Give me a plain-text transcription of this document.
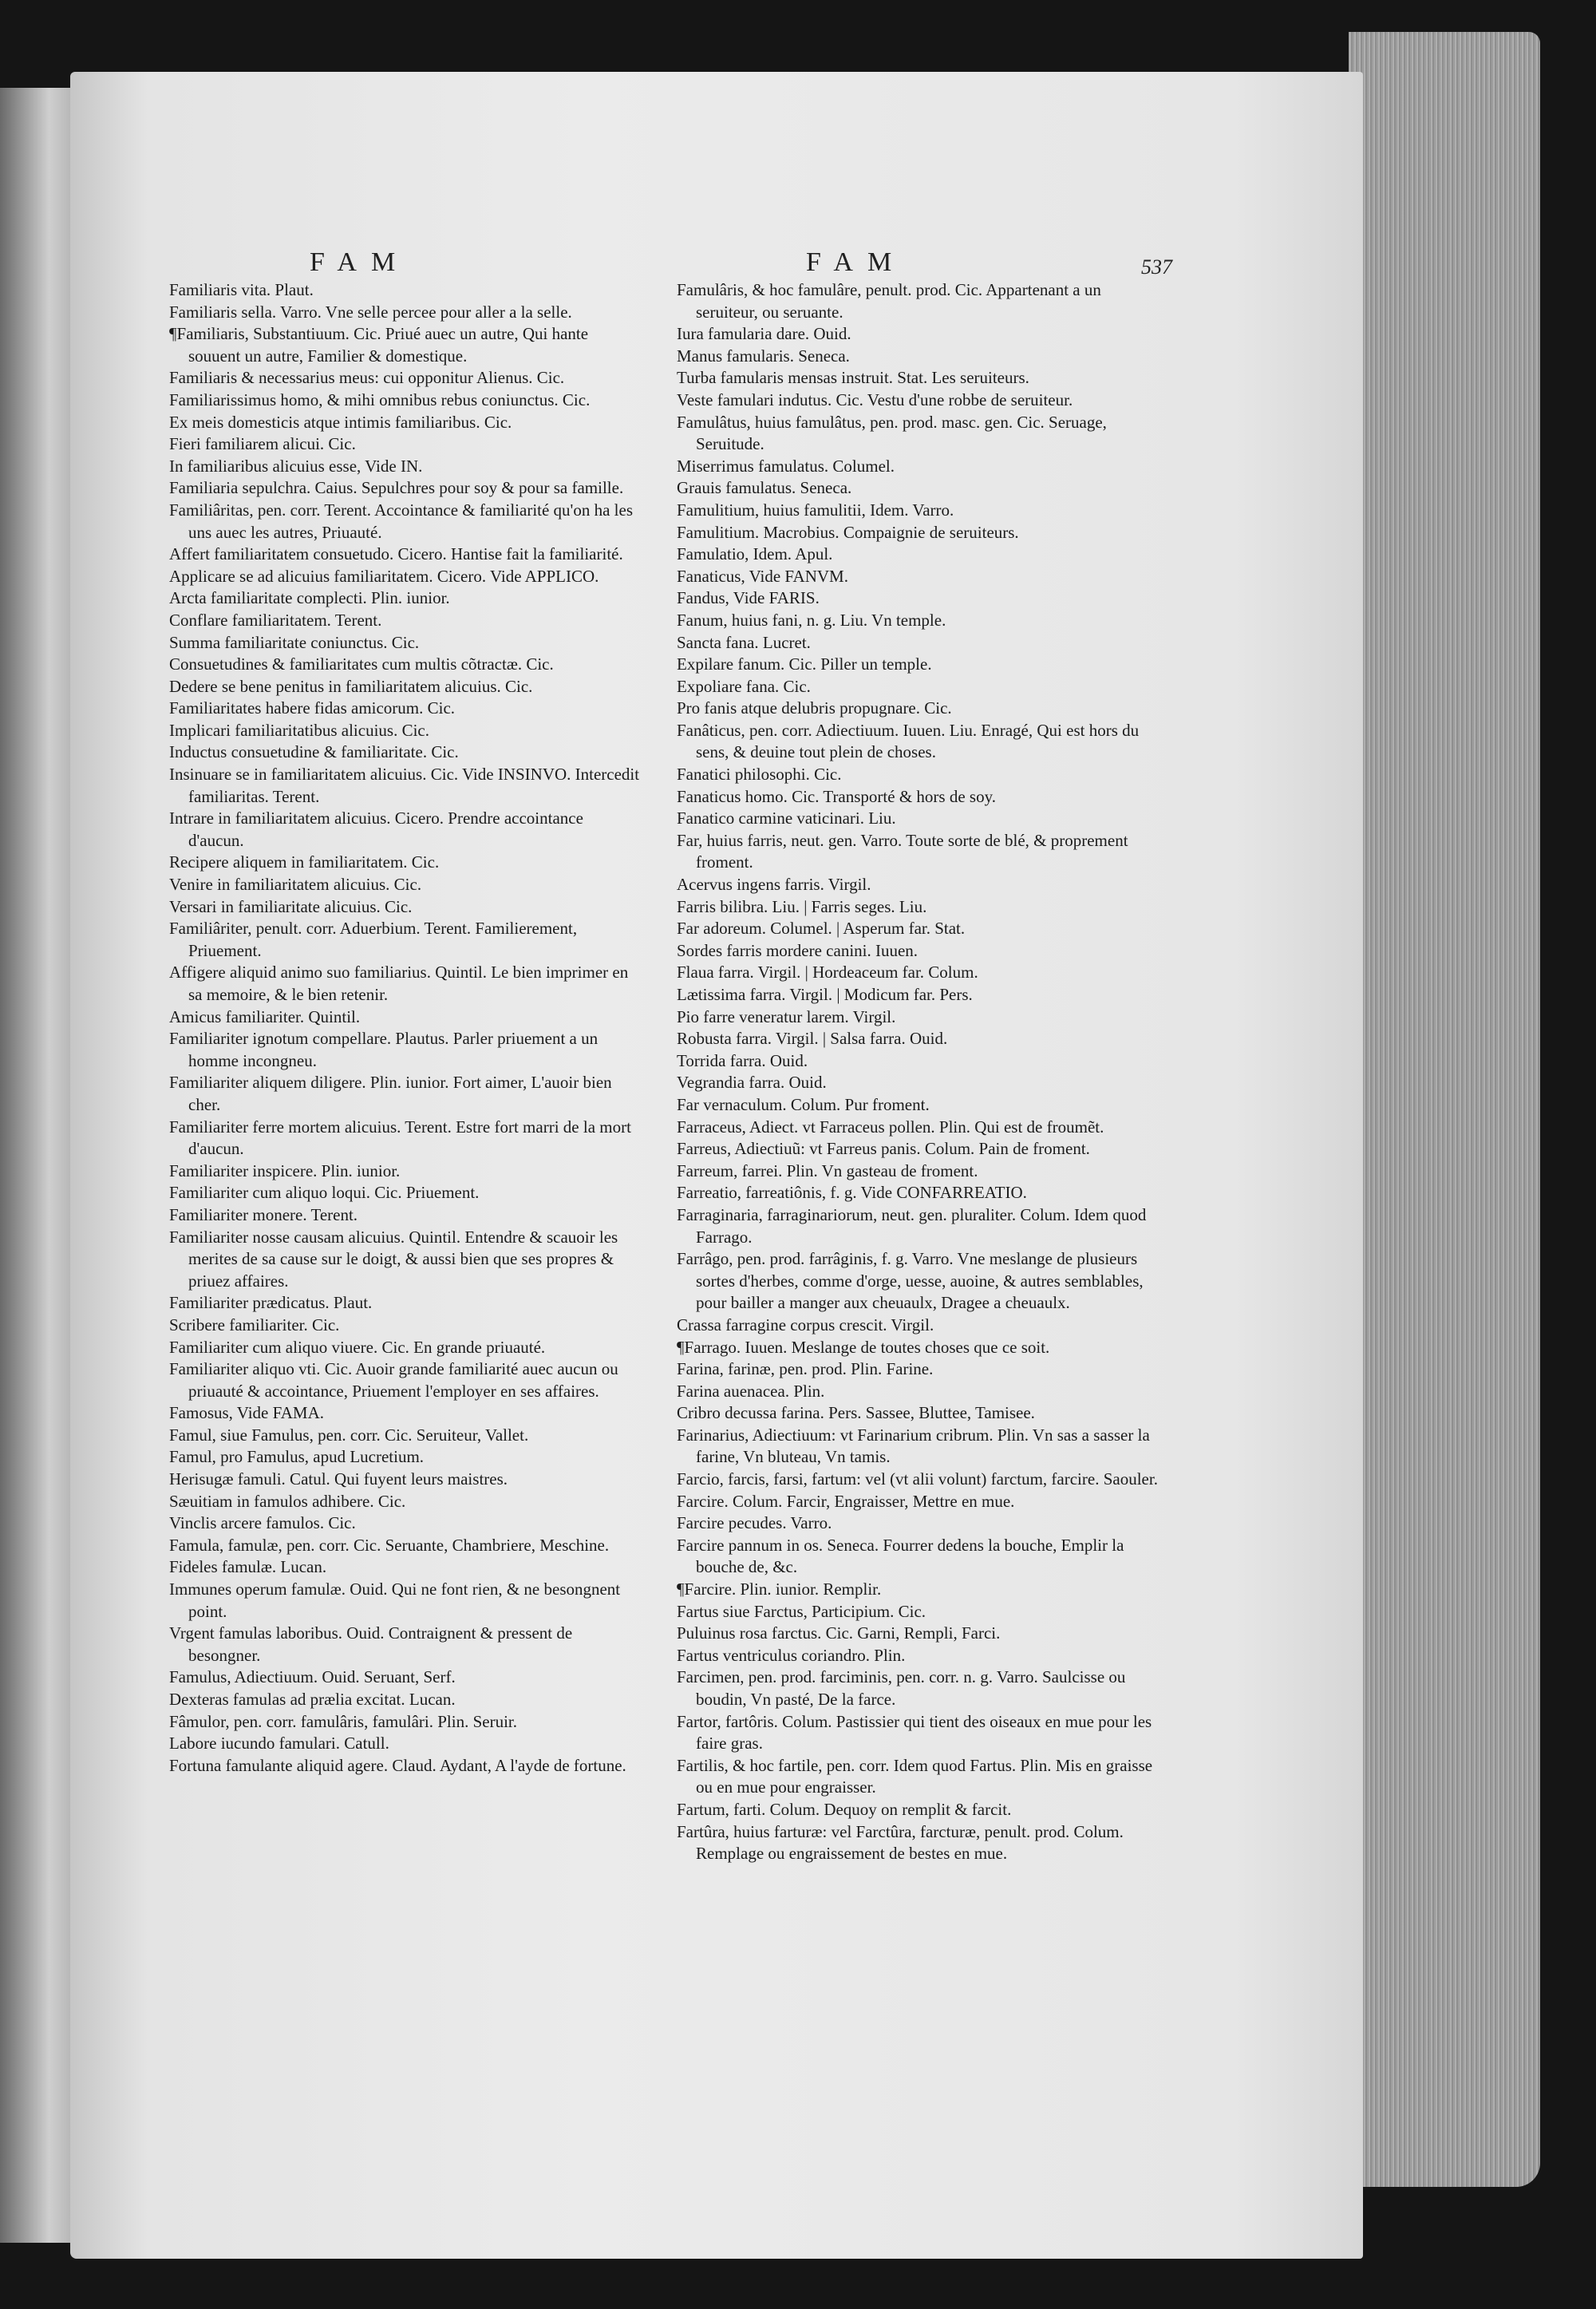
FAM	FAM	537
Familiaris vita. Plaut.
Familiaris sella. Varro. Vne selle percee pour aller a la selle.
¶Familiaris, Substantiuum. Cic. Priué auec un autre, Qui hante souuent un autre, Familier & domestique.
Familiaris & necessarius meus: cui opponitur Alienus. Cic.
Familiarissimus homo, & mihi omnibus rebus coniunctus. Cic.
Ex meis domesticis atque intimis familiaribus. Cic.
Fieri familiarem alicui. Cic.
In familiaribus alicuius esse, Vide IN.
Familiaria sepulchra. Caius. Sepulchres pour soy & pour sa famille.
Familiâritas, pen. corr. Terent. Accointance & familiarité qu'on ha les uns auec les autres, Priuauté.
Affert familiaritatem consuetudo. Cicero. Hantise fait la familiarité.
Applicare se ad alicuius familiaritatem. Cicero. Vide APPLICO.
Arcta familiaritate complecti. Plin. iunior.
Conflare familiaritatem. Terent.
Summa familiaritate coniunctus. Cic.
Consuetudines & familiaritates cum multis cõtractæ. Cic.
Dedere se bene penitus in familiaritatem alicuius. Cic.
Familiaritates habere fidas amicorum. Cic.
Implicari familiaritatibus alicuius. Cic.
Inductus consuetudine & familiaritate. Cic.
Insinuare se in familiaritatem alicuius. Cic. Vide INSINVO. Intercedit familiaritas. Terent.
Intrare in familiaritatem alicuius. Cicero. Prendre accointance d'aucun.
Recipere aliquem in familiaritatem. Cic.
Venire in familiaritatem alicuius. Cic.
Versari in familiaritate alicuius. Cic.
Familiâriter, penult. corr. Aduerbium. Terent. Familierement, Priuement.
Affigere aliquid animo suo familiarius. Quintil. Le bien imprimer en sa memoire, & le bien retenir.
Amicus familiariter. Quintil.
Familiariter ignotum compellare. Plautus. Parler priuement a un homme incongneu.
Familiariter aliquem diligere. Plin. iunior. Fort aimer, L'auoir bien cher.
Familiariter ferre mortem alicuius. Terent. Estre fort marri de la mort d'aucun.
Familiariter inspicere. Plin. iunior.
Familiariter cum aliquo loqui. Cic. Priuement.
Familiariter monere. Terent.
Familiariter nosse causam alicuius. Quintil. Entendre & scauoir les merites de sa cause sur le doigt, & aussi bien que ses propres & priuez affaires.
Familiariter prædicatus. Plaut.
Scribere familiariter. Cic.
Familiariter cum aliquo viuere. Cic. En grande priuauté.
Familiariter aliquo vti. Cic. Auoir grande familiarité auec aucun ou priuauté & accointance, Priuement l'employer en ses affaires.
Famosus, Vide FAMA.
Famul, siue Famulus, pen. corr. Cic. Seruiteur, Vallet.
Famul, pro Famulus, apud Lucretium.
Herisugæ famuli. Catul. Qui fuyent leurs maistres.
Sæuitiam in famulos adhibere. Cic.
Vinclis arcere famulos. Cic.
Famula, famulæ, pen. corr. Cic. Seruante, Chambriere, Meschine.
Fideles famulæ. Lucan.
Immunes operum famulæ. Ouid. Qui ne font rien, & ne besongnent point.
Vrgent famulas laboribus. Ouid. Contraignent & pressent de besongner.
Famulus, Adiectiuum. Ouid. Seruant, Serf.
Dexteras famulas ad prælia excitat. Lucan.
Fâmulor, pen. corr. famulâris, famulâri. Plin. Seruir.
Labore iucundo famulari. Catull.
Fortuna famulante aliquid agere. Claud. Aydant, A l'ayde de fortune.
Famulâris, & hoc famulâre, penult. prod. Cic. Appartenant a un seruiteur, ou seruante.
Iura famularia dare. Ouid.
Manus famularis. Seneca.
Turba famularis mensas instruit. Stat. Les seruiteurs.
Veste famulari indutus. Cic. Vestu d'une robbe de seruiteur.
Famulâtus, huius famulâtus, pen. prod. masc. gen. Cic. Seruage, Seruitude.
Miserrimus famulatus. Columel.
Grauis famulatus. Seneca.
Famulitium, huius famulitii, Idem. Varro.
Famulitium. Macrobius. Compaignie de seruiteurs.
Famulatio, Idem. Apul.
Fanaticus, Vide FANVM.
Fandus, Vide FARIS.
Fanum, huius fani, n. g. Liu. Vn temple.
Sancta fana. Lucret.
Expilare fanum. Cic. Piller un temple.
Expoliare fana. Cic.
Pro fanis atque delubris propugnare. Cic.
Fanâticus, pen. corr. Adiectiuum. Iuuen. Liu. Enragé, Qui est hors du sens, & deuine tout plein de choses.
Fanatici philosophi. Cic.
Fanaticus homo. Cic. Transporté & hors de soy.
Fanatico carmine vaticinari. Liu.
Far, huius farris, neut. gen. Varro. Toute sorte de blé, & proprement froment.
Acervus ingens farris. Virgil.
Farris bilibra. Liu. | Farris seges. Liu.
Far adoreum. Columel. | Asperum far. Stat.
Sordes farris mordere canini. Iuuen.
Flaua farra. Virgil. | Hordeaceum far. Colum.
Lætissima farra. Virgil. | Modicum far. Pers.
Pio farre veneratur larem. Virgil.
Robusta farra. Virgil. | Salsa farra. Ouid.
Torrida farra. Ouid.
Vegrandia farra. Ouid.
Far vernaculum. Colum. Pur froment.
Farraceus, Adiect. vt Farraceus pollen. Plin. Qui est de froumẽt.
Farreus, Adiectiuũ: vt Farreus panis. Colum. Pain de froment.
Farreum, farrei. Plin. Vn gasteau de froment.
Farreatio, farreatiônis, f. g. Vide CONFARREATIO.
Farraginaria, farraginariorum, neut. gen. pluraliter. Colum. Idem quod Farrago.
Farrâgo, pen. prod. farrâginis, f. g. Varro. Vne meslange de plusieurs sortes d'herbes, comme d'orge, uesse, auoine, & autres semblables, pour bailler a manger aux cheuaulx, Dragee a cheuaulx.
Crassa farragine corpus crescit. Virgil.
¶Farrago. Iuuen. Meslange de toutes choses que ce soit.
Farina, farinæ, pen. prod. Plin. Farine.
Farina auenacea. Plin.
Cribro decussa farina. Pers. Sassee, Bluttee, Tamisee.
Farinarius, Adiectiuum: vt Farinarium cribrum. Plin. Vn sas a sasser la farine, Vn bluteau, Vn tamis.
Farcio, farcis, farsi, fartum: vel (vt alii volunt) farctum, farcire. Saouler.
Farcire. Colum. Farcir, Engraisser, Mettre en mue.
Farcire pecudes. Varro.
Farcire pannum in os. Seneca. Fourrer dedens la bouche, Emplir la bouche de, &c.
¶Farcire. Plin. iunior. Remplir.
Fartus siue Farctus, Participium. Cic.
Puluinus rosa farctus. Cic. Garni, Rempli, Farci.
Fartus ventriculus coriandro. Plin.
Farcimen, pen. prod. farciminis, pen. corr. n. g. Varro. Saulcisse ou boudin, Vn pasté, De la farce.
Fartor, fartôris. Colum. Pastissier qui tient des oiseaux en mue pour les faire gras.
Fartilis, & hoc fartile, pen. corr. Idem quod Fartus. Plin. Mis en graisse ou en mue pour engraisser.
Fartum, farti. Colum. Dequoy on remplit & farcit.
Fartûra, huius farturæ: vel Farctûra, farcturæ, penult. prod. Colum. Remplage ou engraissement de bestes en mue.
